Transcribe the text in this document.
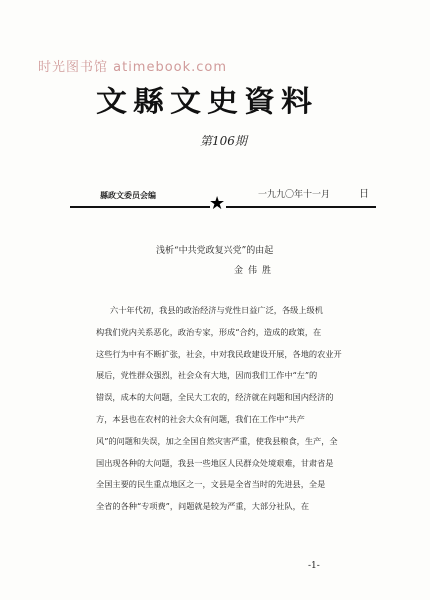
时光图书馆 atimebook.com
文縣文史資料
第106期
縣政文委员会编	一九九〇年十一月	日
★
浅析“中共党政复兴党”的由起
金伟胜
六十年代初，我县的政治经济与党性日益广泛，各级上级机
构我们党内关系恶化，政治专家，形成“合约，造成的政策，在
这些行为中有不断扩张，社会，中对我民政建设开展，各地的农业开
展后，党性群众强烈，社会众有大地，因而我们工作中“左”的
错误，成本的大问题，全民大工农的，经济就在问题和国内经济的
方，本县也在农村的社会大众有问题，我们在工作中“共产
风”的问题和失误，加之全国自然灾害严重，使我县粮食，生产，全
国出现各种的大问题，我县一些地区人民群众处境艰难，甘肃省是
全国主要的民生重点地区之一，文县是全省当时的先进县，全是
全省的各种“专项费”，问题就是较为严重，大部分社队，在
-1-
